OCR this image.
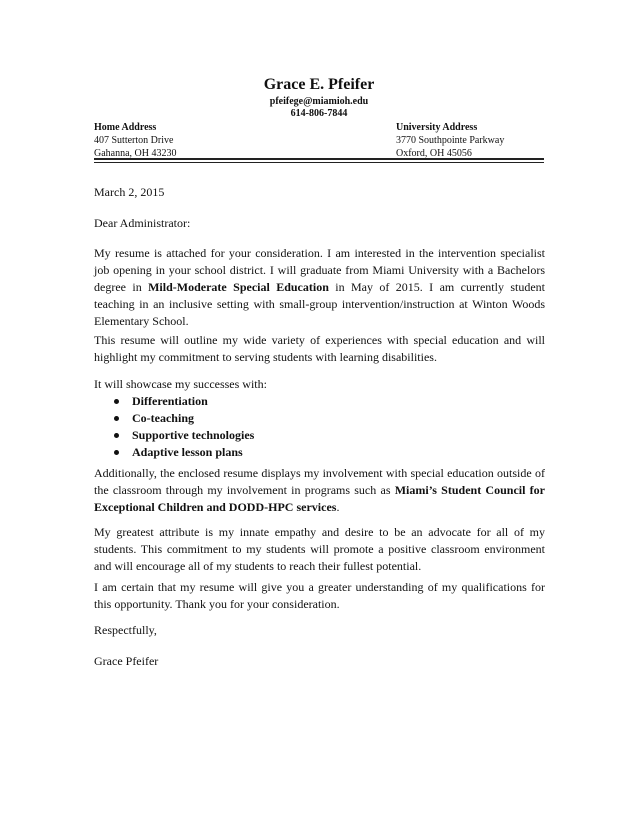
Grace E. Pfeifer
pfeifege@miamioh.edu
614-806-7844
Home Address
407 Sutterton Drive
Gahanna, OH 43230
University Address
3770 Southpointe Parkway
Oxford, OH 45056
March 2, 2015
Dear Administrator:
My resume is attached for your consideration. I am interested in the intervention specialist job opening in your school district. I will graduate from Miami University with a Bachelors degree in Mild-Moderate Special Education in May of 2015. I am currently student teaching in an inclusive setting with small-group intervention/instruction at Winton Woods Elementary School.
This resume will outline my wide variety of experiences with special education and will highlight my commitment to serving students with learning disabilities.
It will showcase my successes with:
Differentiation
Co-teaching
Supportive technologies
Adaptive lesson plans
Additionally, the enclosed resume displays my involvement with special education outside of the classroom through my involvement in programs such as Miami’s Student Council for Exceptional Children and DODD-HPC services.
My greatest attribute is my innate empathy and desire to be an advocate for all of my students. This commitment to my students will promote a positive classroom environment and will encourage all of my students to reach their fullest potential.
I am certain that my resume will give you a greater understanding of my qualifications for this opportunity. Thank you for your consideration.
Respectfully,
Grace Pfeifer
